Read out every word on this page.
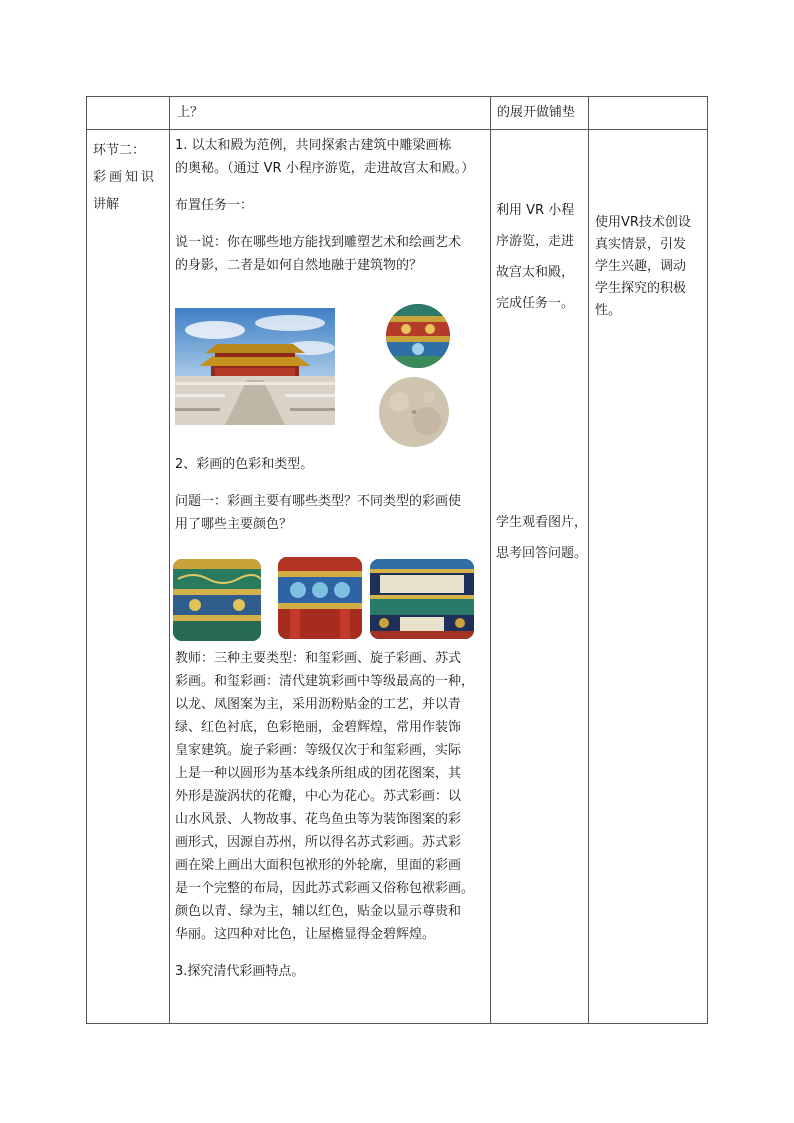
上？	的展开做铺垫

环节二：

彩画知识

讲解

1. 以太和殿为范例，共同探索古建筑中雕梁画栋

的奥秘。（通过 VR 小程序游览，走进故宫太和殿。）

布置任务一：

说一说：你在哪些地方能找到雕塑艺术和绘画艺术

的身影，二者是如何自然地融于建筑物的？

2、彩画的色彩和类型。

问题一：彩画主要有哪些类型？不同类型的彩画使

用了哪些主要颜色？

教师：三种主要类型：和玺彩画、旋子彩画、苏式

彩画。和玺彩画：清代建筑彩画中等级最高的一种，

以龙、凤图案为主，采用沥粉贴金的工艺，并以青

绿、红色衬底，色彩艳丽，金碧辉煌，常用作装饰

皇家建筑。旋子彩画：等级仅次于和玺彩画，实际

上是一种以圆形为基本线条所组成的团花图案，其

外形是漩涡状的花瓣，中心为花心。苏式彩画：以

山水风景、人物故事、花鸟鱼虫等为装饰图案的彩

画形式，因源自苏州，所以得名苏式彩画。苏式彩

画在梁上画出大面积包袱形的外轮廓，里面的彩画

是一个完整的布局，因此苏式彩画又俗称包袱彩画。

颜色以青、绿为主，辅以红色，贴金以显示尊贵和

华丽。这四种对比色，让屋檐显得金碧辉煌。

3.探究清代彩画特点。

利用 VR 小程

序游览，走进

故宫太和殿，

完成任务一。

学生观看图片，

思考回答问题。

使用VR技术创设

真实情景，引发

学生兴趣，调动

学生探究的积极

性。
